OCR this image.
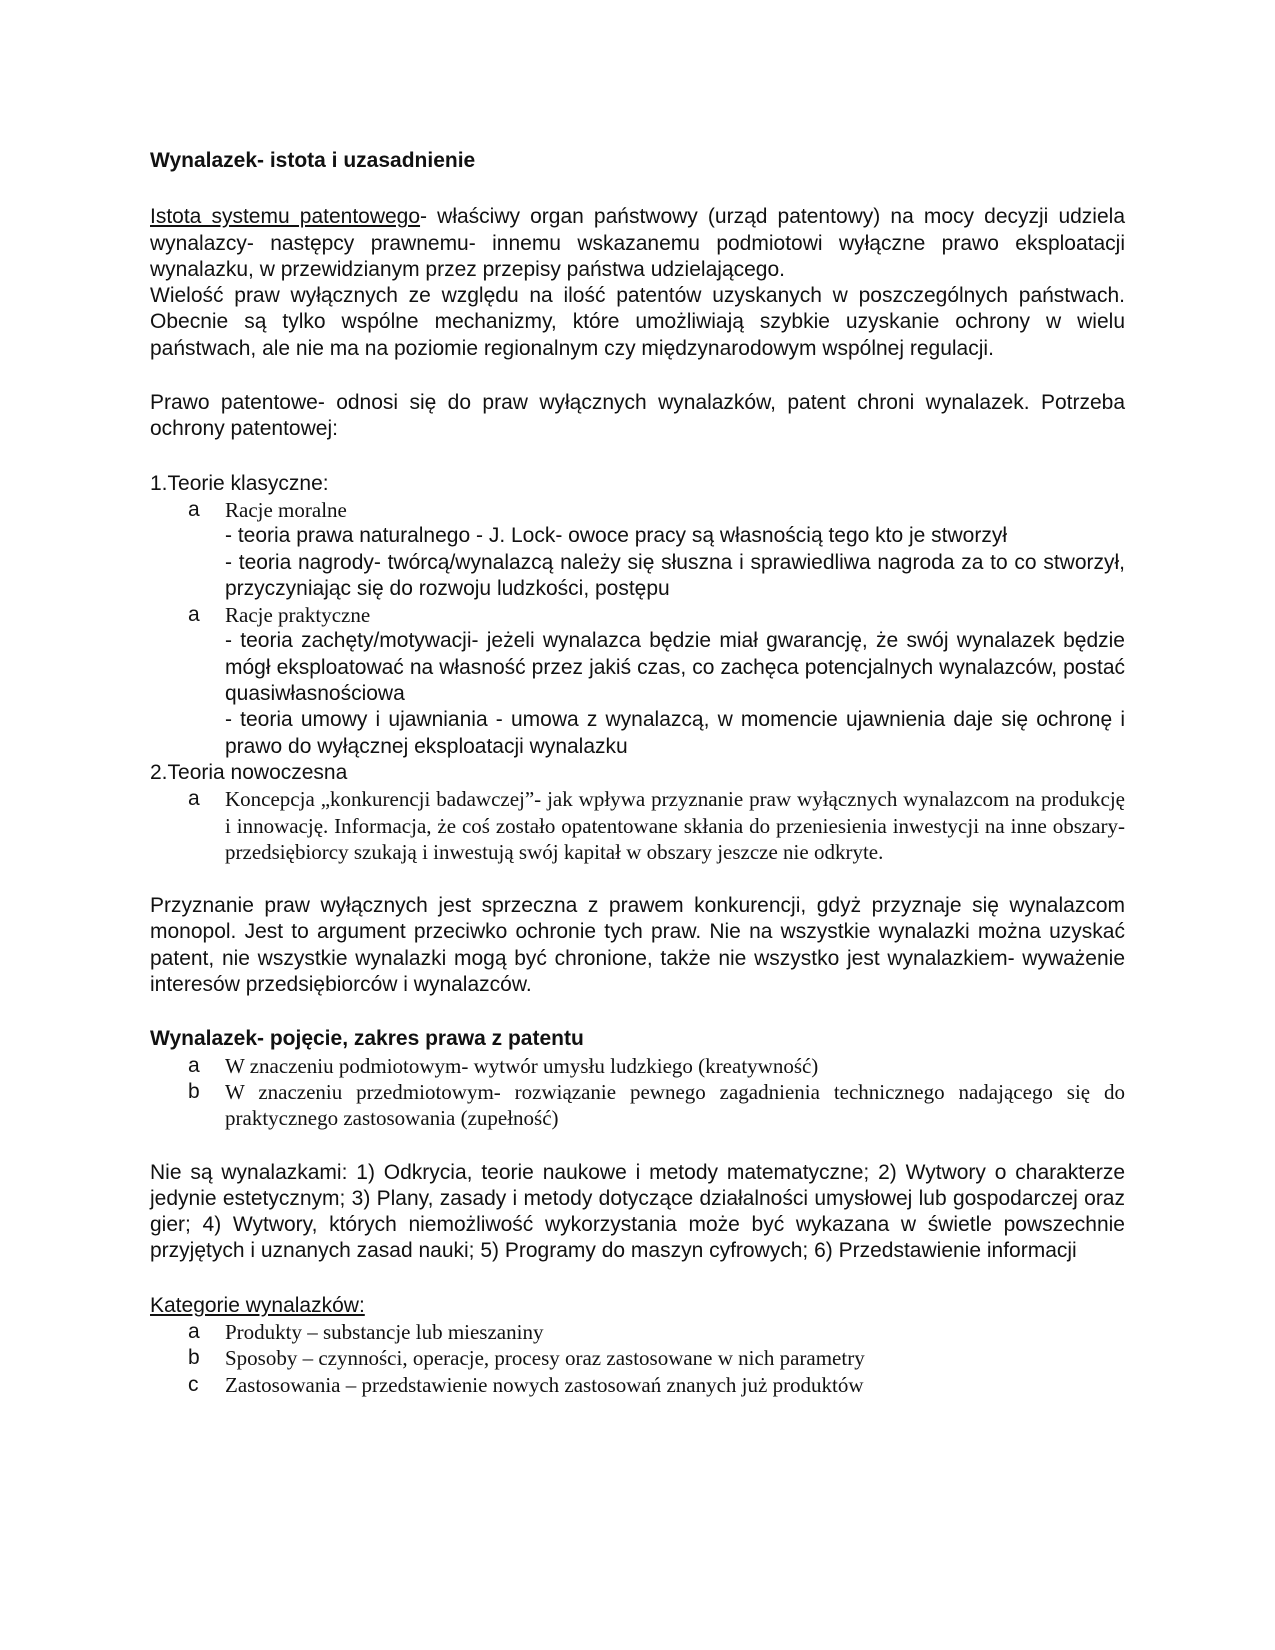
Wynalazek- istota i uzasadnienie

Istota systemu patentowego- właściwy organ państwowy (urząd patentowy) na mocy decyzji udziela wynalazcy- następcy prawnemu- innemu wskazanemu podmiotowi wyłączne prawo eksploatacji wynalazku, w przewidzianym przez przepisy państwa udzielającego.

Wielość praw wyłącznych ze względu na ilość patentów uzyskanych w poszczególnych państwach. Obecnie są tylko wspólne mechanizmy, które umożliwiają szybkie uzyskanie ochrony w wielu państwach, ale nie ma na poziomie regionalnym czy międzynarodowym wspólnej regulacji.

Prawo patentowe- odnosi się do praw wyłącznych wynalazków, patent chroni wynalazek. Potrzeba ochrony patentowej:

1.Teorie klasyczne:

a	Racje moralne

- teoria prawa naturalnego - J. Lock- owoce pracy są własnością tego kto je stworzył

- teoria nagrody- twórcą/wynalazcą należy się słuszna i sprawiedliwa nagroda za to co stworzył, przyczyniając się do rozwoju ludzkości, postępu

a	Racje praktyczne

- teoria zachęty/motywacji- jeżeli wynalazca będzie miał gwarancję, że swój wynalazek będzie mógł eksploatować na własność przez jakiś czas, co zachęca potencjalnych wynalazców, postać quasiwłasnościowa

- teoria umowy i ujawniania - umowa z wynalazcą, w momencie ujawnienia daje się ochronę i prawo do wyłącznej eksploatacji wynalazku

2.Teoria nowoczesna

a	Koncepcja „konkurencji badawczej”- jak wpływa przyznanie praw wyłącznych wynalazcom na produkcję i innowację. Informacja, że coś zostało opatentowane skłania do przeniesienia inwestycji na inne obszary- przedsiębiorcy szukają i inwestują swój kapitał w obszary jeszcze nie odkryte.

Przyznanie praw wyłącznych jest sprzeczna z prawem konkurencji, gdyż przyznaje się wynalazcom monopol. Jest to argument przeciwko ochronie tych praw. Nie na wszystkie wynalazki można uzyskać patent, nie wszystkie wynalazki mogą być chronione, także nie wszystko jest wynalazkiem- wyważenie interesów przedsiębiorców i wynalazców.

Wynalazek- pojęcie, zakres prawa z patentu

a	W znaczeniu podmiotowym- wytwór umysłu ludzkiego (kreatywność)

b	W znaczeniu przedmiotowym- rozwiązanie pewnego zagadnienia technicznego nadającego się do praktycznego zastosowania (zupełność)

Nie są wynalazkami: 1) Odkrycia, teorie naukowe i metody matematyczne; 2) Wytwory o charakterze jedynie estetycznym; 3) Plany, zasady i metody dotyczące działalności umysłowej lub gospodarczej oraz gier; 4) Wytwory, których niemożliwość wykorzystania może być wykazana w świetle powszechnie przyjętych i uznanych zasad nauki; 5) Programy do maszyn cyfrowych; 6) Przedstawienie informacji

Kategorie wynalazków:

a	Produkty – substancje lub mieszaniny

b	Sposoby – czynności, operacje, procesy oraz zastosowane w nich parametry

c	Zastosowania – przedstawienie nowych zastosowań znanych już produktów
